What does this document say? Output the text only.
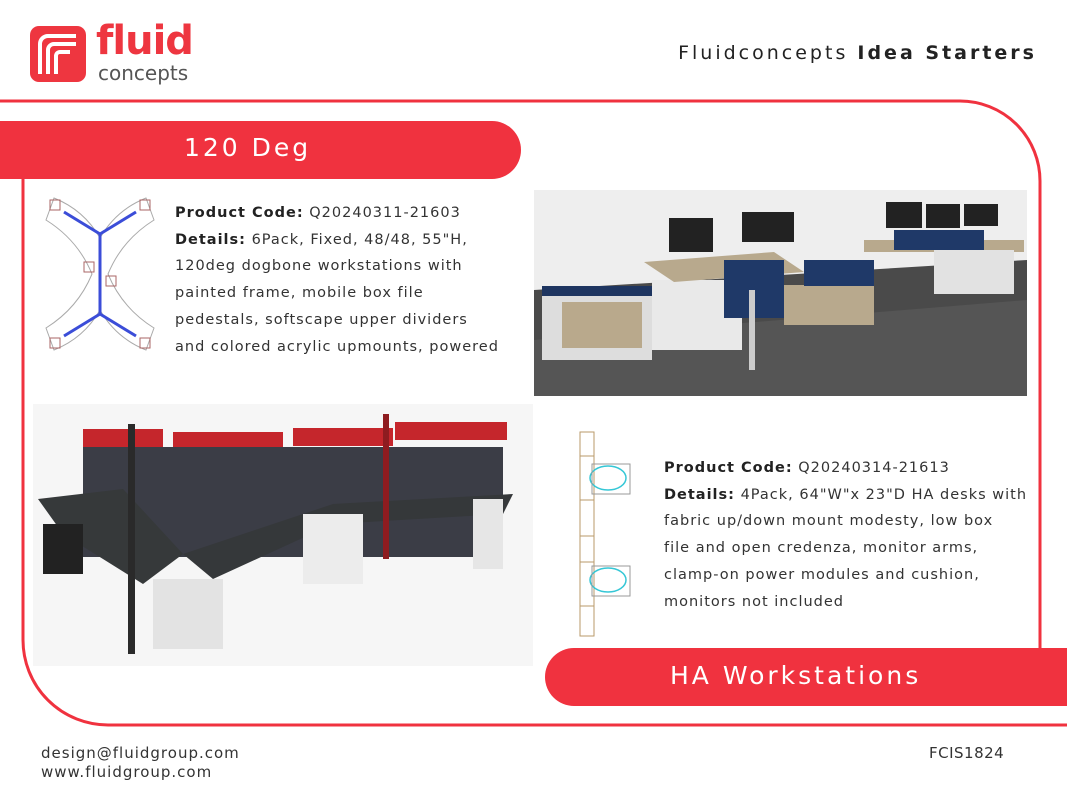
fluid
concepts
Fluidconcepts Idea Starters
120 Deg
Product Code: Q20240311-21603
Details: 6Pack, Fixed, 48/48, 55"H,
120deg dogbone workstations with
painted frame, mobile box file
pedestals, softscape upper dividers
and colored acrylic upmounts, powered
Product Code: Q20240314-21613
Details: 4Pack, 64"W"x 23"D HA desks with
fabric up/down mount modesty, low box
file and open credenza, monitor arms,
clamp-on power modules and cushion,
monitors not included
HA Workstations
design@fluidgroup.com
www.fluidgroup.com
FCIS1824
